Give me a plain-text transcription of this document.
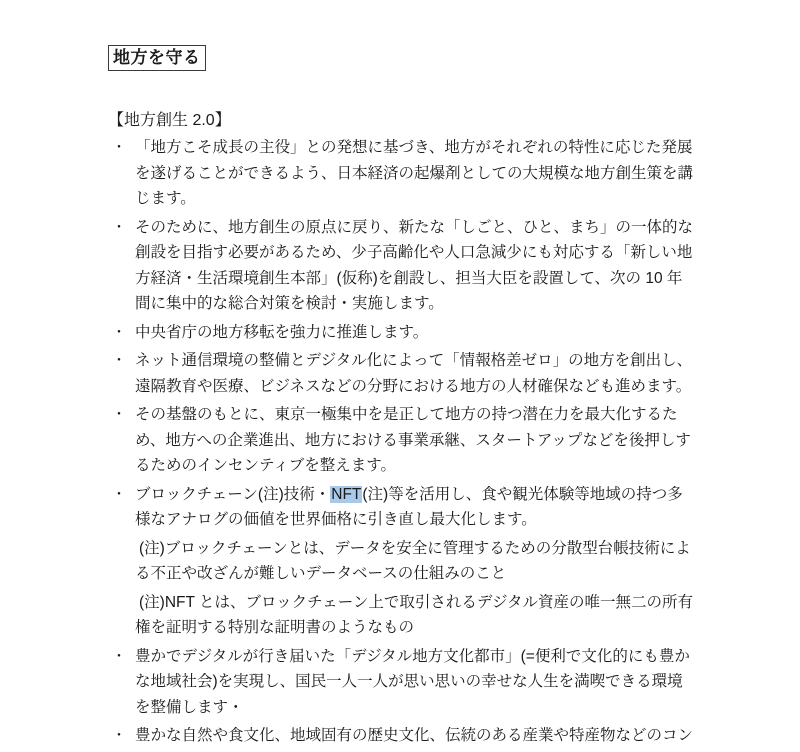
地方を守る
【地方創生 2.0】
・ 「地方こそ成長の主役」との発想に基づき、地方がそれぞれの特性に応じた発展を遂げることができるよう、日本経済の起爆剤としての大規模な地方創生策を講じます。
・ そのために、地方創生の原点に戻り、新たな「しごと、ひと、まち」の一体的な創設を目指す必要があるため、少子高齢化や人口急減少にも対応する「新しい地方経済・生活環境創生本部」(仮称)を創設し、担当大臣を設置して、次の 10 年間に集中的な総合対策を検討・実施します。
・ 中央省庁の地方移転を強力に推進します。
・ ネット通信環境の整備とデジタル化によって「情報格差ゼロ」の地方を創出し、遠隔教育や医療、ビジネスなどの分野における地方の人材確保なども進めます。
・ その基盤のもとに、東京一極集中を是正して地方の持つ潜在力を最大化するため、地方への企業進出、地方における事業承継、スタートアップなどを後押しするためのインセンティブを整えます。
・ ブロックチェーン(注)技術・NFT(注)等を活用し、食や観光体験等地域の持つ多様なアナログの価値を世界価格に引き直し最大化します。
(注)ブロックチェーンとは、データを安全に管理するための分散型台帳技術による不正や改ざんが難しいデータベースの仕組みのこと
(注)NFT とは、ブロックチェーン上で取引されるデジタル資産の唯一無二の所有権を証明する特別な証明書のようなもの
・ 豊かでデジタルが行き届いた「デジタル地方文化都市」(=便利で文化的にも豊かな地域社会)を実現し、国民一人一人が思い思いの幸せな人生を満喫できる環境を整備します・
・ 豊かな自然や食文化、地域固有の歴史文化、伝統のある産業や特産物などのコン
